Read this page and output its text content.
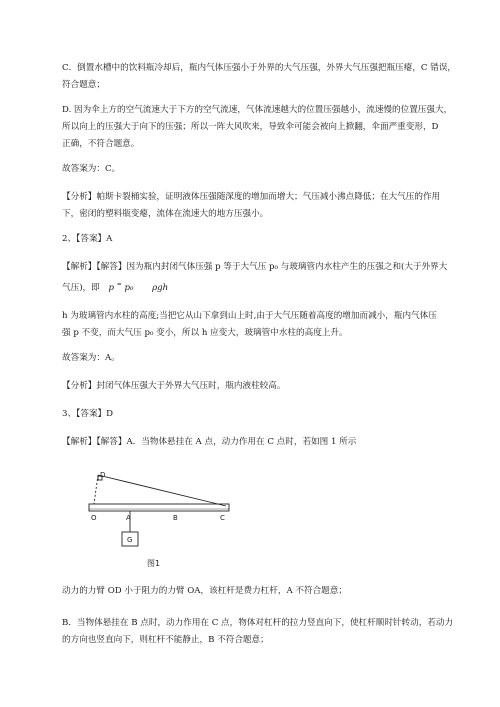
C．倒置水槽中的饮料瓶冷却后，瓶内气体压强小于外界的大气压强，外界大气压强把瓶压瘪，C 错误，
符合题意；
D. 因为伞上方的空气流速大于下方的空气流速，气体流速越大的位置压强越小，流速慢的位置压强大，
所以向上的压强大于向下的压强；所以一阵大风吹来，导致伞可能会被向上掀翻，伞面严重变形，D
正确，不符合题意。
故答案为：C。
【分析】帕斯卡裂桶实验，证明液体压强随深度的增加而增大；气压减小沸点降低；在大气压的作用
下，密闭的塑料瓶变瘪，流体在流速大的地方压强小。
2、【答案】A
【解析】【解答】因为瓶内封闭气体压强 p 等于大气压 p₀ 与玻璃管内水柱产生的压强之和(大于外界大
气压)，即 p = p₀ + ρgh
h 为玻璃管内水柱的高度;当把它从山下拿到山上时,由于大气压随着高度的增加而减小，瓶内气体压
强 p 不变，而大气压 p₀ 变小，所以 h 应变大，玻璃管中水柱的高度上升。
故答案为：A。
【分析】封闭气体压强大于外界大气压时，瓶内液柱较高。
3、【答案】D
【解析】【解答】A．当物体悬挂在 A 点，动力作用在 C 点时，若如图 1 所示
D
O	A	B	C
G
图1
动力的力臂 OD 小于阻力的力臂 OA，该杠杆是费力杠杆，A 不符合题意；
B．当物体悬挂在 B 点时，动力作用在 C 点，物体对杠杆的拉力竖直向下，使杠杆顺时针转动，若动力
的方向也竖直向下，则杠杆不能静止，B 不符合题意；
